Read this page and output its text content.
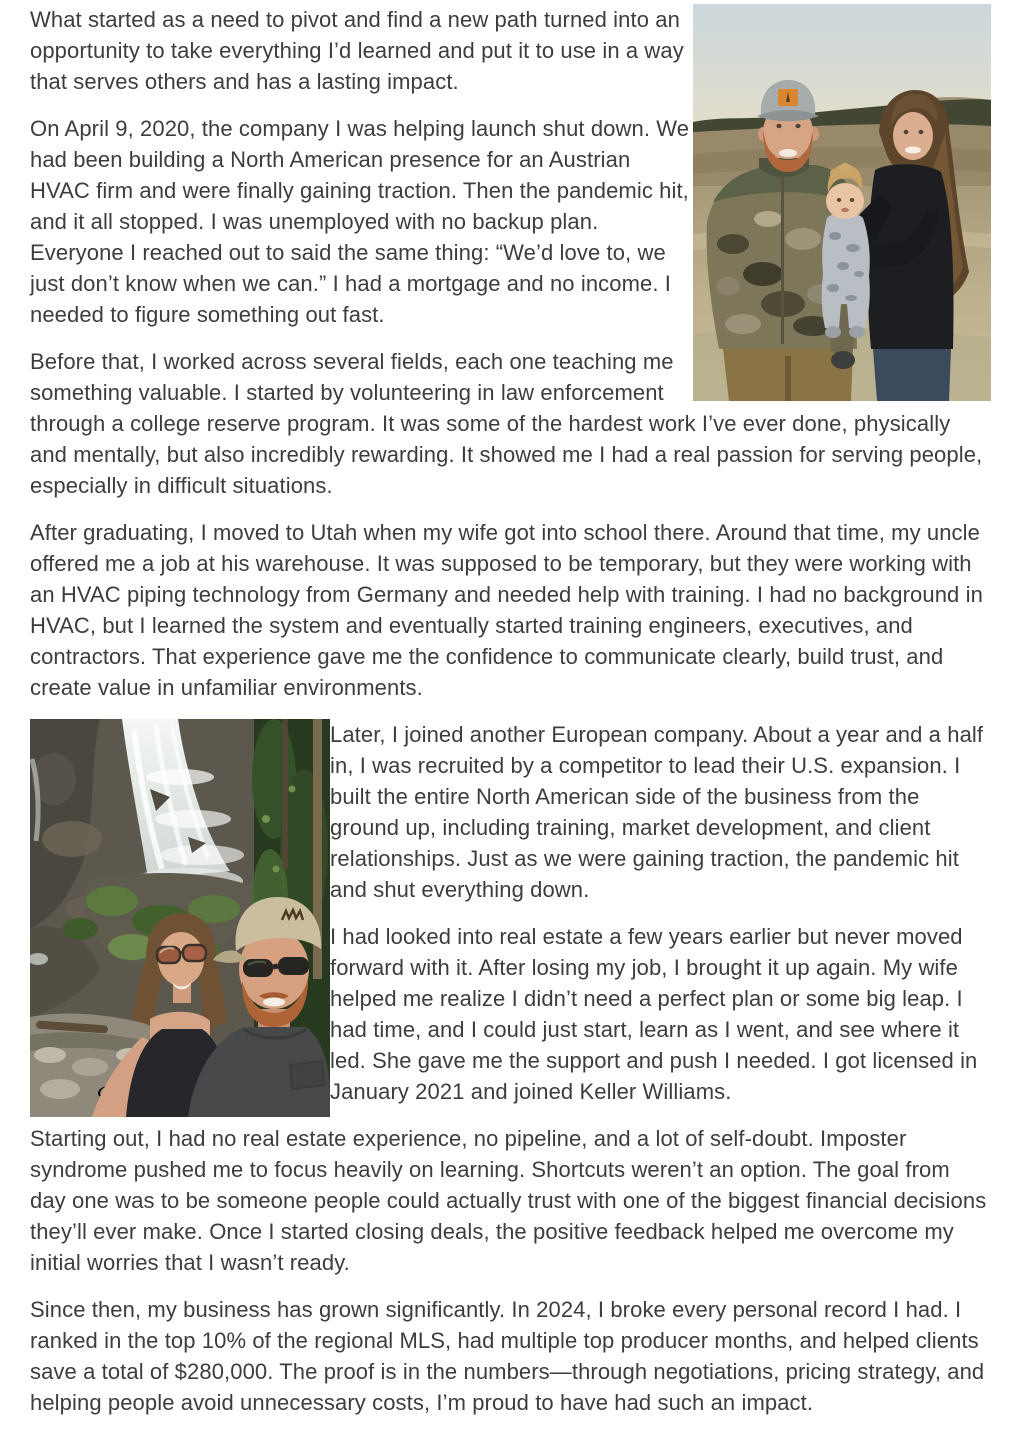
What started as a need to pivot and find a new path turned into an opportunity to take everything I’d learned and put it to use in a way that serves others and has a lasting impact.

On April 9, 2020, the company I was helping launch shut down. We had been building a North American presence for an Austrian HVAC firm and were finally gaining traction. Then the pandemic hit, and it all stopped. I was unemployed with no backup plan. Everyone I reached out to said the same thing: “We’d love to, we just don’t know when we can.” I had a mortgage and no income. I needed to figure something out fast.

Before that, I worked across several fields, each one teaching me something valuable. I started by volunteering in law enforcement through a college reserve program. It was some of the hardest work I’ve ever done, physically and mentally, but also incredibly rewarding. It showed me I had a real passion for serving people, especially in difficult situations.

After graduating, I moved to Utah when my wife got into school there. Around that time, my uncle offered me a job at his warehouse. It was supposed to be temporary, but they were working with an HVAC piping technology from Germany and needed help with training. I had no background in HVAC, but I learned the system and eventually started training engineers, executives, and contractors. That experience gave me the confidence to communicate clearly, build trust, and create value in unfamiliar environments.

Later, I joined another European company. About a year and a half in, I was recruited by a competitor to lead their U.S. expansion. I built the entire North American side of the business from the ground up, including training, market development, and client relationships. Just as we were gaining traction, the pandemic hit and shut everything down.

I had looked into real estate a few years earlier but never moved forward with it. After losing my job, I brought it up again. My wife helped me realize I didn’t need a perfect plan or some big leap. I had time, and I could just start, learn as I went, and see where it led. She gave me the support and push I needed. I got licensed in January 2021 and joined Keller Williams.

Starting out, I had no real estate experience, no pipeline, and a lot of self-doubt. Imposter syndrome pushed me to focus heavily on learning. Shortcuts weren’t an option. The goal from day one was to be someone people could actually trust with one of the biggest financial decisions they’ll ever make. Once I started closing deals, the positive feedback helped me overcome my initial worries that I wasn’t ready.

Since then, my business has grown significantly. In 2024, I broke every personal record I had. I ranked in the top 10% of the regional MLS, had multiple top producer months, and helped clients save a total of $280,000. The proof is in the numbers—through negotiations, pricing strategy, and helping people avoid unnecessary costs, I’m proud to have had such an impact.
